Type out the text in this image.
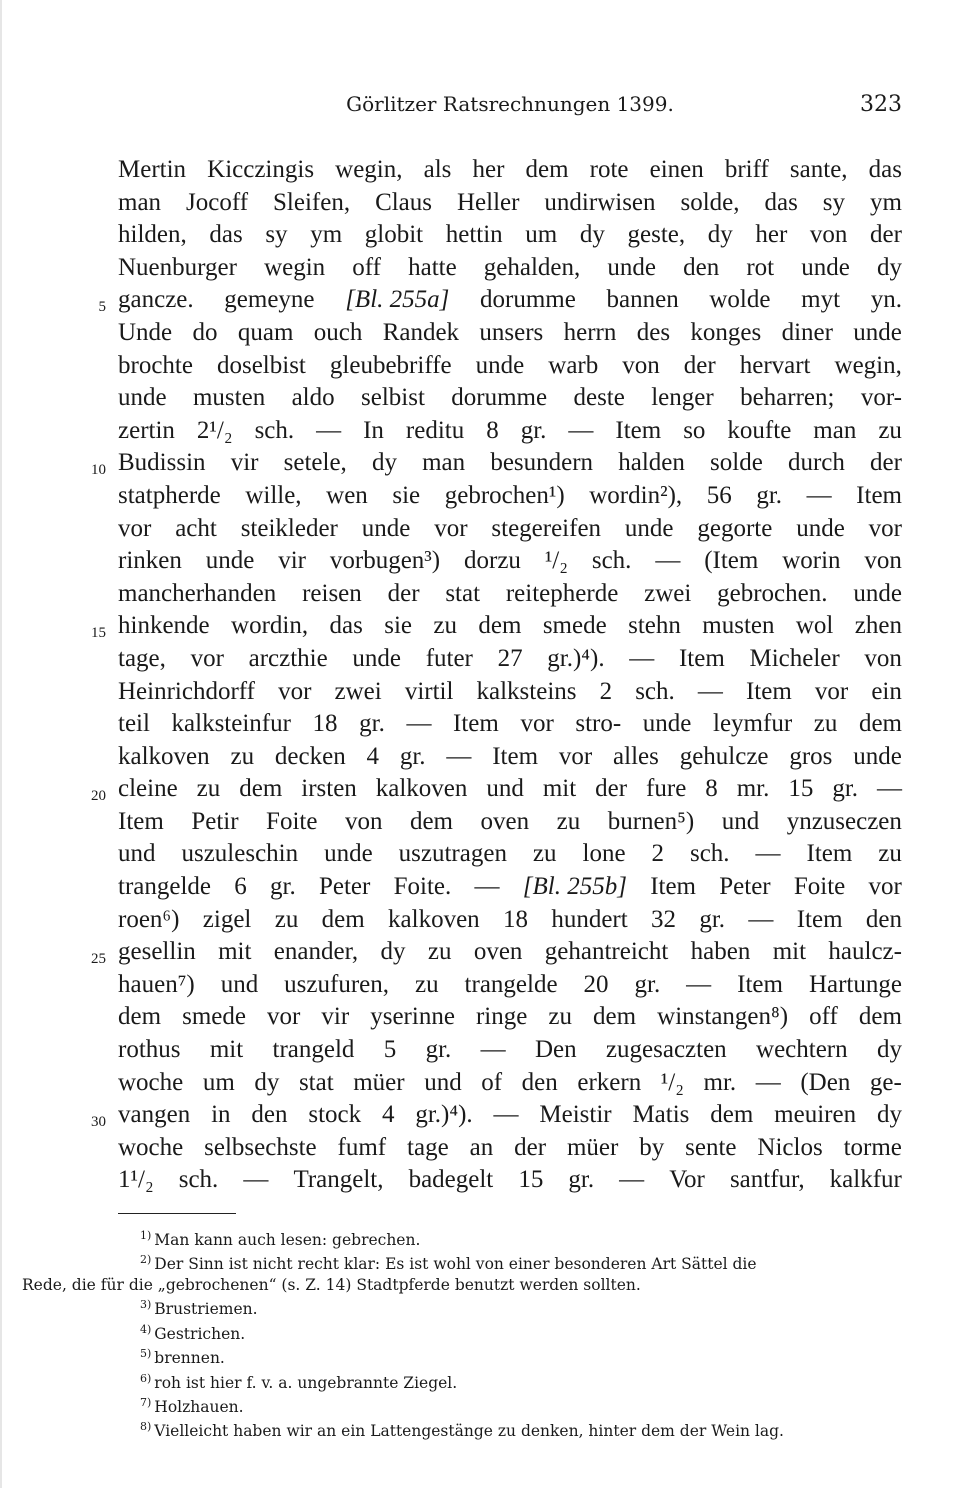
Görlitzer Ratsrechnungen 1399.	323
Mertin Kicczingis wegin, als her dem rote einen briff sante, das
man Jocoff Sleifen, Claus Heller undirwisen solde, das sy ym
hilden, das sy ym globit hettin um dy geste, dy her von der
Nuenburger wegin off hatte gehalden, unde den rot unde dy
5 gancze. gemeyne [Bl. 255a] dorumme bannen wolde myt yn.
Unde do quam ouch Randek unsers herrn des konges diner unde
brochte doselbist gleubebriffe unde warb von der hervart wegin,
unde musten aldo selbist dorumme deste lenger beharren; vor-
zertin 2¹/₂ sch. — In reditu 8 gr. — Item so koufte man zu
10 Budissin vir setele, dy man besundern halden solde durch der
statpherde wille, wen sie gebrochen¹) wordin²), 56 gr. — Item
vor acht steikleder unde vor stegereifen unde gegorte unde vor
rinken unde vir vorbugen³) dorzu ¹/₂ sch. — (Item worin von
mancherhanden reisen der stat reitepherde zwei gebrochen. unde
15 hinkende wordin, das sie zu dem smede stehn musten wol zhen
tage, vor arczthie unde futer 27 gr.)⁴). — Item Micheler von
Heinrichdorff vor zwei virtil kalksteins 2 sch. — Item vor ein
teil kalksteinfur 18 gr. — Item vor stro- unde leymfur zu dem
kalkoven zu decken 4 gr. — Item vor alles gehulcze gros unde
20 cleine zu dem irsten kalkoven und mit der fure 8 mr. 15 gr. —
Item Petir Foite von dem oven zu burnen⁵) und ynzuseczen
und uszuleschin unde uszutragen zu lone 2 sch. — Item zu
trangelde 6 gr. Peter Foite. — [Bl. 255b] Item Peter Foite vor
roen⁶) zigel zu dem kalkoven 18 hundert 32 gr. — Item den
25 gesellin mit enander, dy zu oven gehantreicht haben mit haulcz-
hauen⁷) und uszufuren, zu trangelde 20 gr. — Item Hartunge
dem smede vor vir yserinne ringe zu dem winstangen⁸) off dem
rothus mit trangeld 5 gr. — Den zugesaczten wechtern dy
woche um dy stat müer und of den erkern ¹/₂ mr. — (Den ge-
30 vangen in den stock 4 gr.)⁴). — Meistir Matis dem meuiren dy
woche selbsechste fumf tage an der müer by sente Niclos torme
1¹/₂ sch. — Trangelt, badegelt 15 gr. — Vor santfur, kalkfur
$^{1)}$ Man kann auch lesen: gebrechen.
$^{2)}$ Der Sinn ist nicht recht klar: Es ist wohl von einer besonderen Art Sättel die
Rede, die für die „gebrochenen“ (s. Z. 14) Stadtpferde benutzt werden sollten.
$^{3)}$ Brustriemen.
$^{4)}$ Gestrichen.
$^{5)}$ brennen.
$^{6)}$ roh ist hier f. v. a. ungebrannte Ziegel.
$^{7)}$ Holzhauen.
$^{8)}$ Vielleicht haben wir an ein Lattengestänge zu denken, hinter dem der Wein lag.
